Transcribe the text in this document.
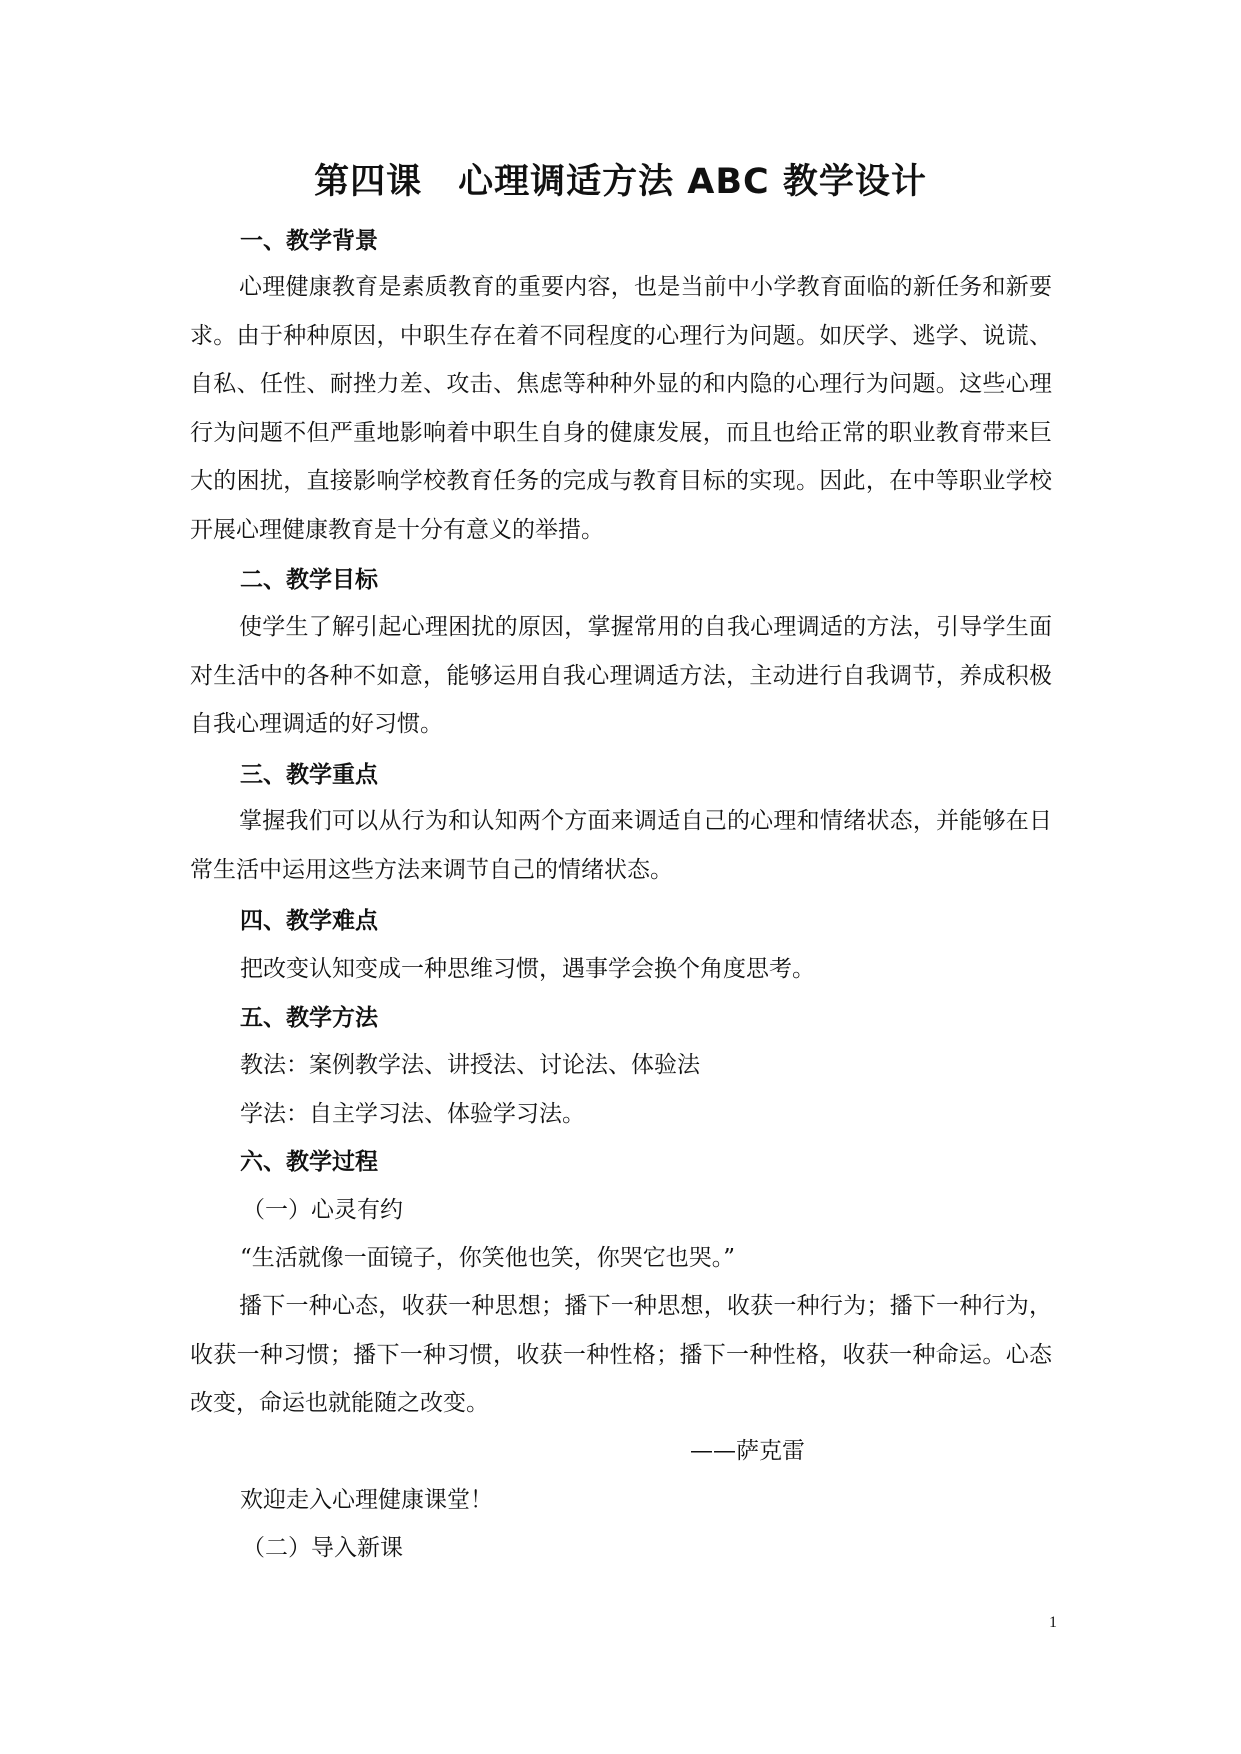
第四课 心理调适方法 ABC 教学设计
一、教学背景
心理健康教育是素质教育的重要内容，也是当前中小学教育面临的新任务和新要求。由于种种原因，中职生存在着不同程度的心理行为问题。如厌学、逃学、说谎、自私、任性、耐挫力差、攻击、焦虑等种种外显的和内隐的心理行为问题。这些心理行为问题不但严重地影响着中职生自身的健康发展，而且也给正常的职业教育带来巨大的困扰，直接影响学校教育任务的完成与教育目标的实现。因此，在中等职业学校开展心理健康教育是十分有意义的举措。
二、教学目标
使学生了解引起心理困扰的原因，掌握常用的自我心理调适的方法，引导学生面对生活中的各种不如意，能够运用自我心理调适方法，主动进行自我调节，养成积极自我心理调适的好习惯。
三、教学重点
掌握我们可以从行为和认知两个方面来调适自己的心理和情绪状态，并能够在日常生活中运用这些方法来调节自己的情绪状态。
四、教学难点
把改变认知变成一种思维习惯，遇事学会换个角度思考。
五、教学方法
教法：案例教学法、讲授法、讨论法、体验法
学法：自主学习法、体验学习法。
六、教学过程
（一）心灵有约
“生活就像一面镜子，你笑他也笑，你哭它也哭。”
播下一种心态，收获一种思想；播下一种思想，收获一种行为；播下一种行为，收获一种习惯；播下一种习惯，收获一种性格；播下一种性格，收获一种命运。心态改变，命运也就能随之改变。
——萨克雷
欢迎走入心理健康课堂！
（二）导入新课
1
